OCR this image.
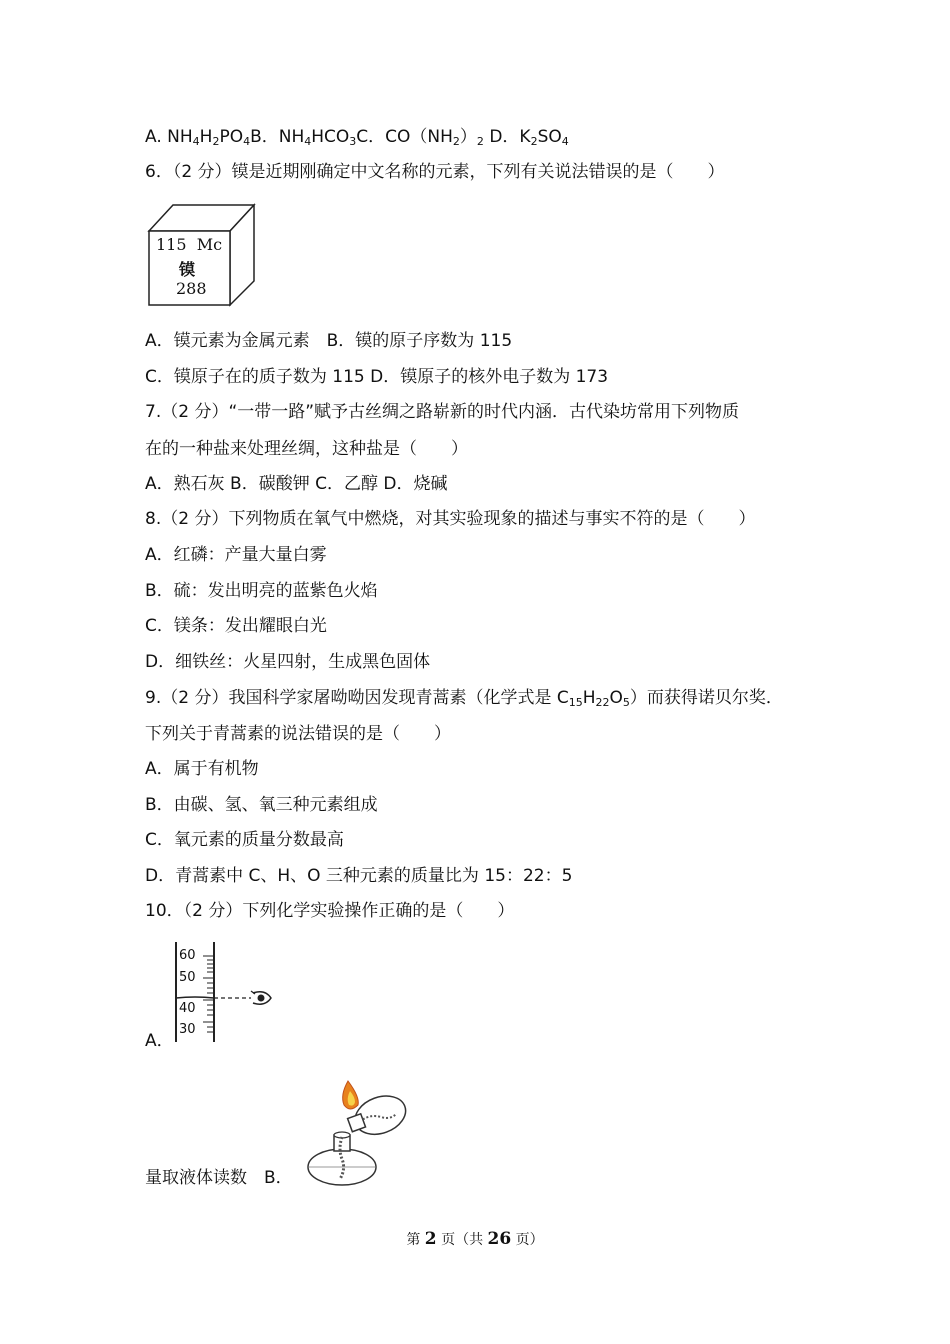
A. $NH_4H_2PO_4B$．$NH_4HCO_3C$．$CO(NH_2)_2$ D．$K_2SO_4$
6．（2 分）镆是近期刚确定中文名称的元素，下列有关说法错误的是（　　）
115  Mc
镆
288
A．镆元素为金属元素　B．镆的原子序数为 115
C．镆原子在的质子数为 115 D．镆原子的核外电子数为 173
7.（2 分）“一带一路”赋予古丝绸之路崭新的时代内涵．古代染坊常用下列物质
在的一种盐来处理丝绸，这种盐是（　　）
A．熟石灰 B．碳酸钾 C．乙醇 D．烧碱
8.（2 分）下列物质在氧气中燃烧，对其实验现象的描述与事实不符的是（　　）
A．红磷：产量大量白雾
B．硫：发出明亮的蓝紫色火焰
C．镁条：发出耀眼白光
D．细铁丝：火星四射，生成黑色固体
9.（2 分）我国科学家屠呦呦因发现青蒿素（化学式是 $C_{15}H_{22}O_5$）而获得诺贝尔奖．
下列关于青蒿素的说法错误的是（　　）
A．属于有机物
B．由碳、氢、氧三种元素组成
C．氧元素的质量分数最高
D．青蒿素中 C、H、O 三种元素的质量比为 15：22：5
10．（2 分）下列化学实验操作正确的是（　　）
60
50
40
30
A．
量取液体读数　B．
第 2 页（共 26 页）
